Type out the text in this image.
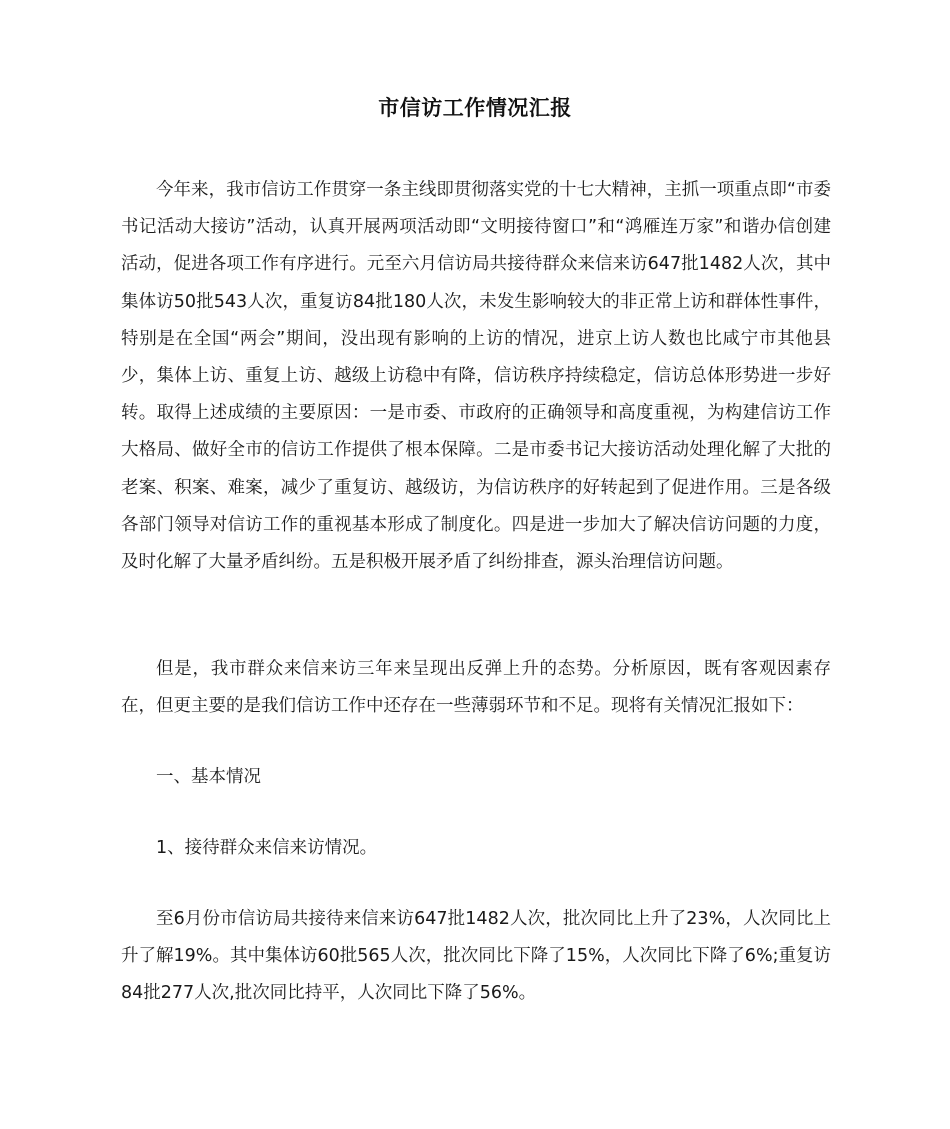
市信访工作情况汇报

今年来，我市信访工作贯穿一条主线即贯彻落实党的十七大精神，主抓一项重点即“市委书记活动大接访”活动，认真开展两项活动即“文明接待窗口”和“鸿雁连万家”和谐办信创建活动，促进各项工作有序进行。元至六月信访局共接待群众来信来访647批1482人次，其中集体访50批543人次，重复访84批180人次，未发生影响较大的非正常上访和群体性事件，特别是在全国“两会”期间，没出现有影响的上访的情况，进京上访人数也比咸宁市其他县少，集体上访、重复上访、越级上访稳中有降，信访秩序持续稳定，信访总体形势进一步好转。取得上述成绩的主要原因：一是市委、市政府的正确领导和高度重视，为构建信访工作大格局、做好全市的信访工作提供了根本保障。二是市委书记大接访活动处理化解了大批的老案、积案、难案，减少了重复访、越级访，为信访秩序的好转起到了促进作用。三是各级各部门领导对信访工作的重视基本形成了制度化。四是进一步加大了解决信访问题的力度，及时化解了大量矛盾纠纷。五是积极开展矛盾了纠纷排查，源头治理信访问题。

但是，我市群众来信来访三年来呈现出反弹上升的态势。分析原因，既有客观因素存在，但更主要的是我们信访工作中还存在一些薄弱环节和不足。现将有关情况汇报如下：

一、基本情况

1、接待群众来信来访情况。

至6月份市信访局共接待来信来访647批1482人次，批次同比上升了23%，人次同比上升了解19%。其中集体访60批565人次，批次同比下降了15%，人次同比下降了6%;重复访84批277人次,批次同比持平，人次同比下降了56%。
